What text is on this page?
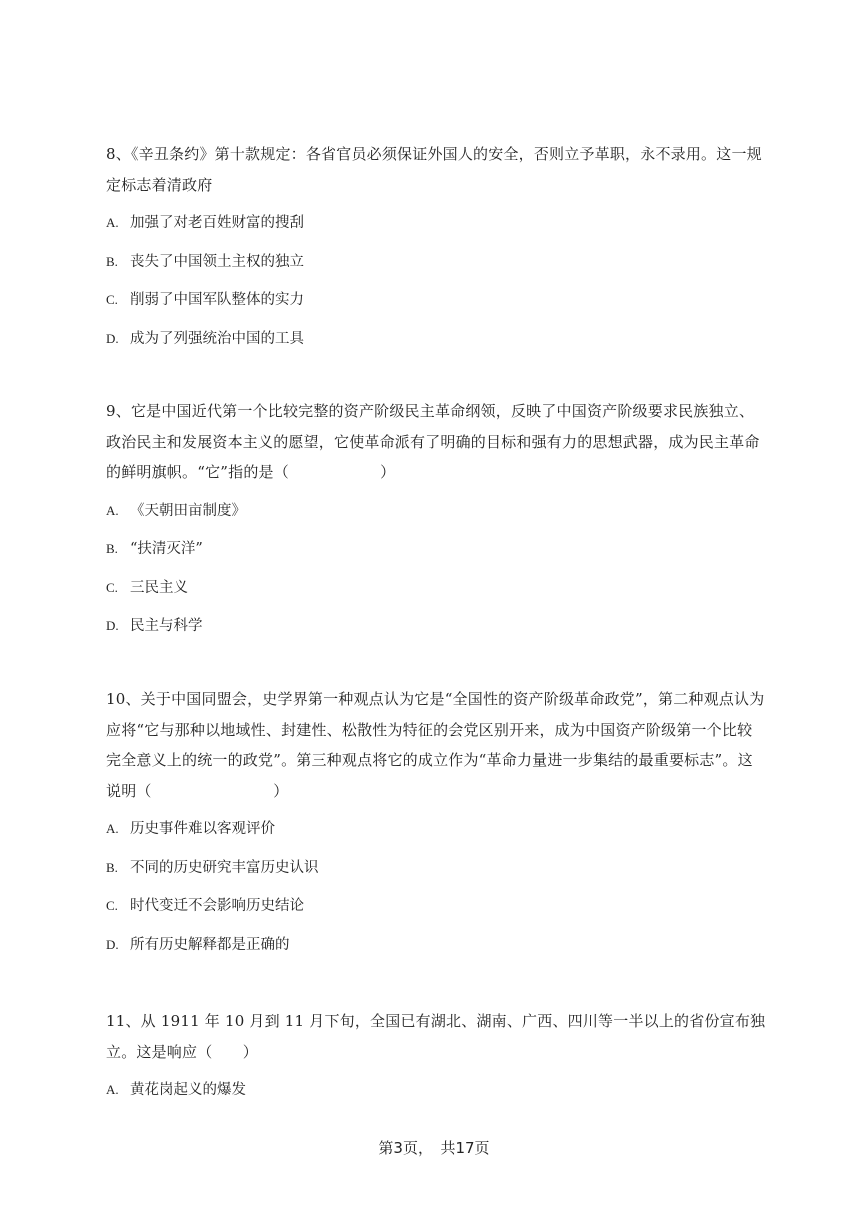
8、《辛丑条约》第十款规定：各省官员必须保证外国人的安全，否则立予革职，永不录用。这一规定标志着清政府

A. 加强了对老百姓财富的搜刮
B. 丧失了中国领土主权的独立
C. 削弱了中国军队整体的实力
D. 成为了列强统治中国的工具

9、它是中国近代第一个比较完整的资产阶级民主革命纲领，反映了中国资产阶级要求民族独立、政治民主和发展资本主义的愿望，它使革命派有了明确的目标和强有力的思想武器，成为民主革命的鲜明旗帜。“它”指的是（　　　　　　）

A. 《天朝田亩制度》
B. “扶清灭洋”
C. 三民主义
D. 民主与科学

10、关于中国同盟会，史学界第一种观点认为它是“全国性的资产阶级革命政党”，第二种观点认为应将“它与那种以地域性、封建性、松散性为特征的会党区别开来，成为中国资产阶级第一个比较完全意义上的统一的政党”。第三种观点将它的成立作为“革命力量进一步集结的最重要标志”。这说明（　　　　　　　　）

A. 历史事件难以客观评价
B. 不同的历史研究丰富历史认识
C. 时代变迁不会影响历史结论
D. 所有历史解释都是正确的

11、从 1911 年 10 月到 11 月下旬，全国已有湖北、湖南、广西、四川等一半以上的省份宣布独立。这是响应（　　）

A. 黄花岗起义的爆发
第3页，　共17页
